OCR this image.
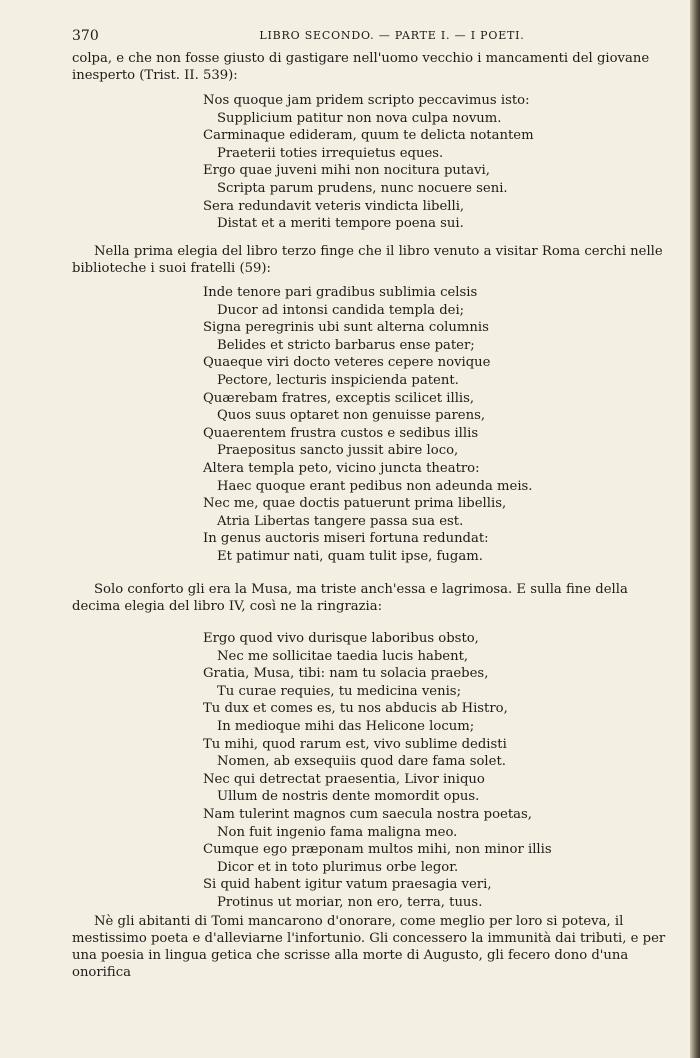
370	LIBRO SECONDO. — PARTE I. — I POETI.

colpa, e che non fosse giusto di gastigare nell'uomo vecchio i mancamenti del giovane inesperto (Trist. II. 539):

Nos quoque jam pridem scripto peccavimus isto:
Supplicium patitur non nova culpa novum.
Carminaque edideram, quum te delicta notantem
Praeterii toties irrequietus eques.
Ergo quae juveni mihi non nocitura putavi,
Scripta parum prudens, nunc nocuere seni.
Sera redundavit veteris vindicta libelli,
Distat et a meriti tempore poena sui.

Nella prima elegia del libro terzo finge che il libro venuto a visitar Roma cerchi nelle biblioteche i suoi fratelli (59):

Inde tenore pari gradibus sublimia celsis
Ducor ad intonsi candida templa dei;
Signa peregrinis ubi sunt alterna columnis
Belides et stricto barbarus ense pater;
Quaeque viri docto veteres cepere novique
Pectore, lecturis inspicienda patent.
Quærebam fratres, exceptis scilicet illis,
Quos suus optaret non genuisse parens,
Quaerentem frustra custos e sedibus illis
Praepositus sancto jussit abire loco,
Altera templa peto, vicino juncta theatro:
Haec quoque erant pedibus non adeunda meis.
Nec me, quae doctis patuerunt prima libellis,
Atria Libertas tangere passa sua est.
In genus auctoris miseri fortuna redundat:
Et patimur nati, quam tulit ipse, fugam.

Solo conforto gli era la Musa, ma triste anch'essa e lagrimosa. E sulla fine della decima elegia del libro IV, così ne la ringrazia:

Ergo quod vivo durisque laboribus obsto,
Nec me sollicitae taedia lucis habent,
Gratia, Musa, tibi: nam tu solacia praebes,
Tu curae requies, tu medicina venis;
Tu dux et comes es, tu nos abducis ab Histro,
In medioque mihi das Helicone locum;
Tu mihi, quod rarum est, vivo sublime dedisti
Nomen, ab exsequiis quod dare fama solet.
Nec qui detrectat praesentia, Livor iniquo
Ullum de nostris dente momordit opus.
Nam tulerint magnos cum saecula nostra poetas,
Non fuit ingenio fama maligna meo.
Cumque ego præponam multos mihi, non minor illis
Dicor et in toto plurimus orbe legor.
Si quid habent igitur vatum praesagia veri,
Protinus ut moriar, non ero, terra, tuus.

Nè gli abitanti di Tomi mancarono d'onorare, come meglio per loro si poteva, il mestissimo poeta e d'alleviarne l'infortunio. Gli concessero la immunità dai tributi, e per una poesia in lingua getica che scrisse alla morte di Augusto, gli fecero dono d'una onorifica
